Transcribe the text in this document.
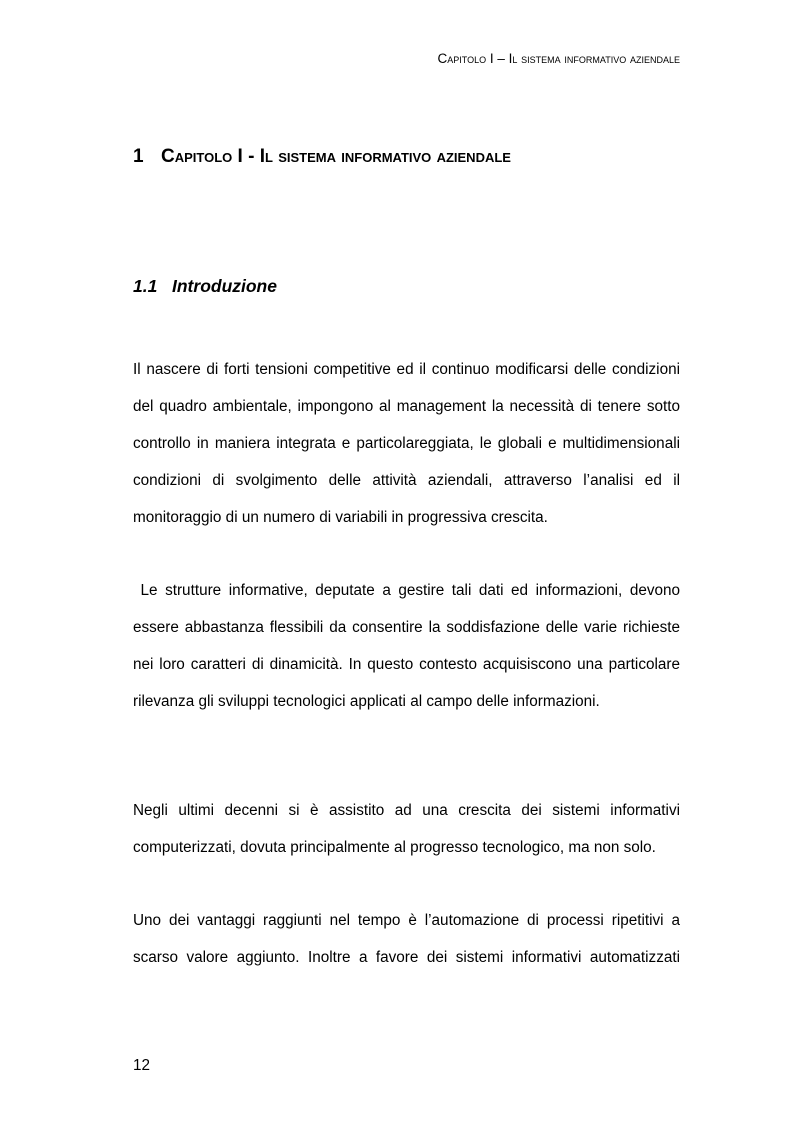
Capitolo I – Il sistema informativo aziendale
1 Capitolo I - Il sistema informativo aziendale
1.1 Introduzione

Il nascere di forti tensioni competitive ed il continuo modificarsi delle condizioni del quadro ambientale, impongono al management la necessità di tenere sotto controllo in maniera integrata e particolareggiata, le globali e multidimensionali condizioni di svolgimento delle attività aziendali, attraverso l’analisi ed il monitoraggio di un numero di variabili in progressiva crescita.

Le strutture informative, deputate a gestire tali dati ed informazioni, devono essere abbastanza flessibili da consentire la soddisfazione delle varie richieste nei loro caratteri di dinamicità. In questo contesto acquisiscono una particolare rilevanza gli sviluppi tecnologici applicati al campo delle informazioni.

Negli ultimi decenni si è assistito ad una crescita dei sistemi informativi computerizzati, dovuta principalmente al progresso tecnologico, ma non solo.

Uno dei vantaggi raggiunti nel tempo è l’automazione di processi ripetitivi a scarso valore aggiunto. Inoltre a favore dei sistemi informativi automatizzati

12
